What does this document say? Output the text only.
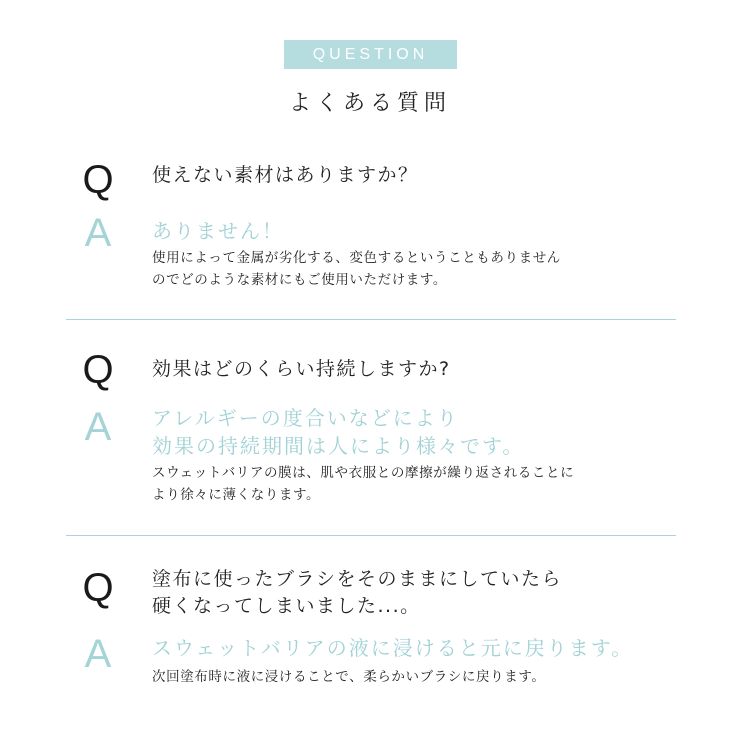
QUESTION
よくある質問
Q 使えない素材はありますか？
A	ありません！
使用によって金属が劣化する、変色するということもありません
のでどのような素材にもご使用いただけます。
Q 効果はどのくらい持続しますか?
A	アレルギーの度合いなどにより
効果の持続期間は人により様々です。
スウェットバリアの膜は、肌や衣服との摩擦が繰り返されることに
より徐々に薄くなります。
Q 塗布に使ったブラシをそのままにしていたら
硬くなってしまいました...。
A	スウェットバリアの液に浸けると元に戻ります。
次回塗布時に液に浸けることで、柔らかいブラシに戻ります。
